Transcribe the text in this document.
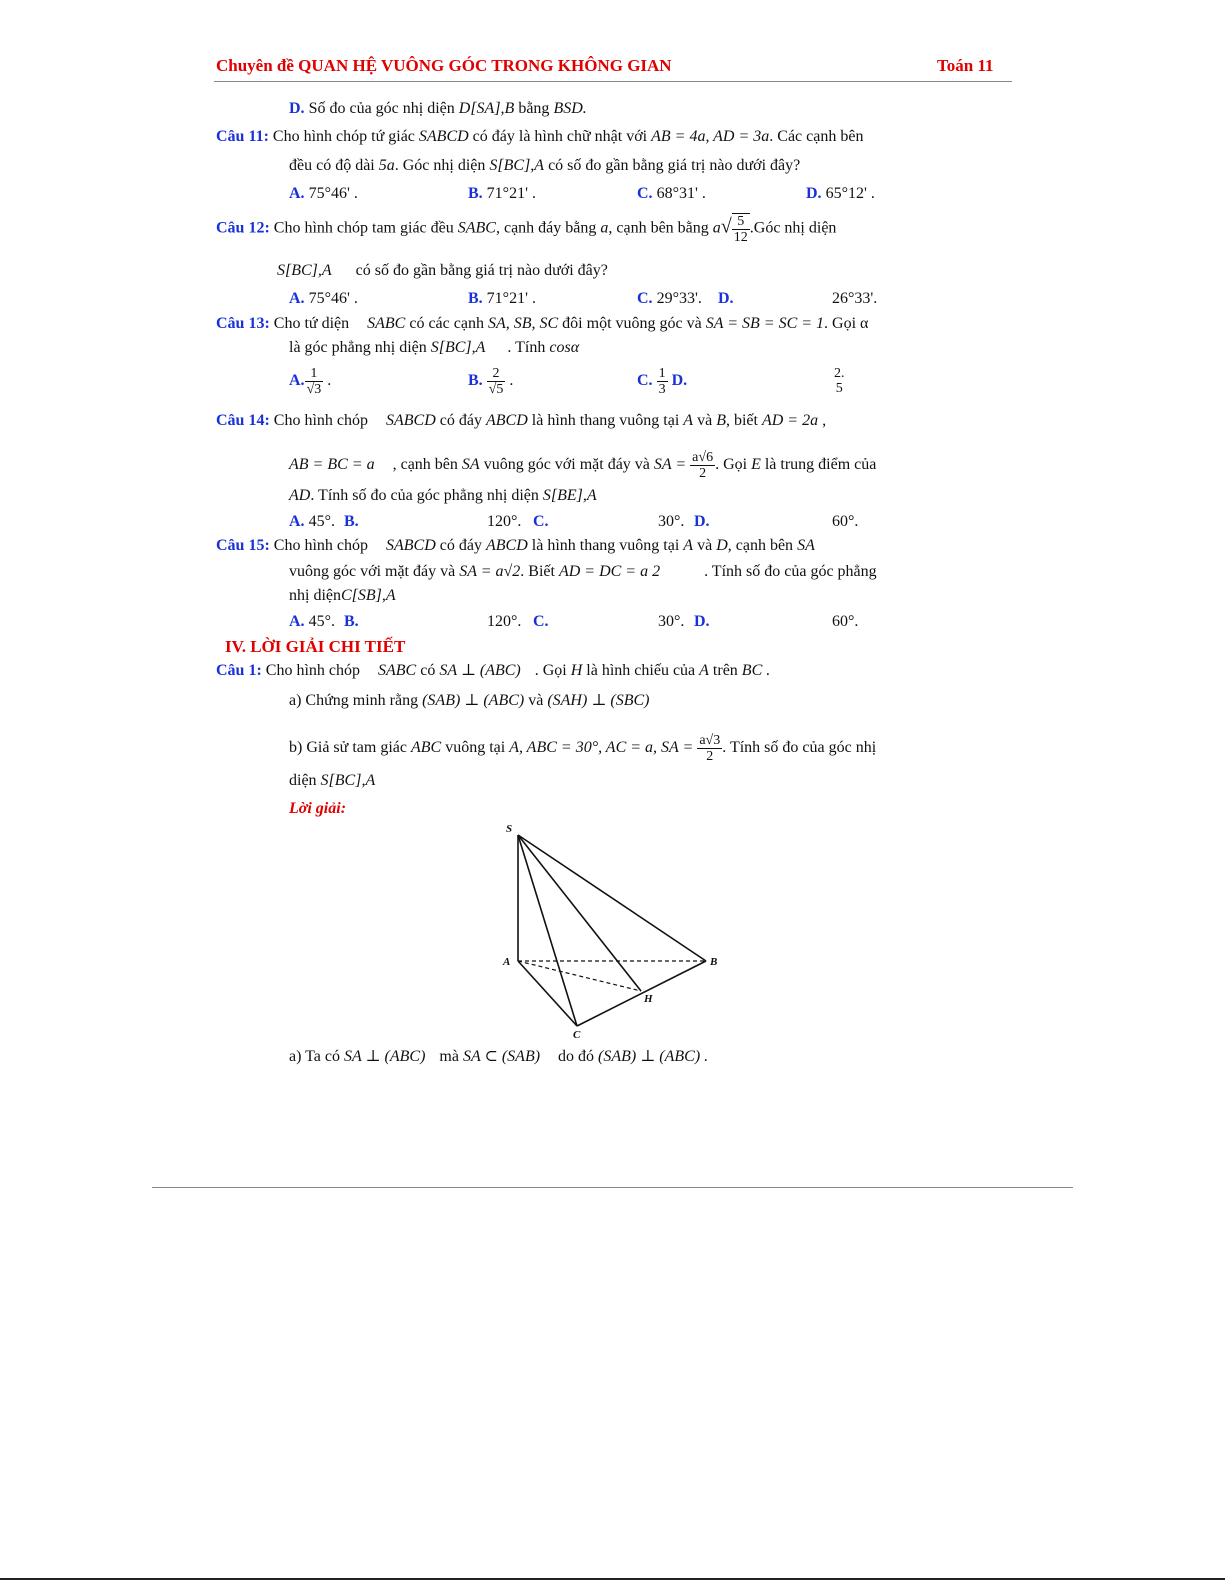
Chuyên đề QUAN HỆ VUÔNG GÓC TRONG KHÔNG GIAN	Toán 11
D. Số đo của góc nhị diện D[SA],B bằng BSD.
Câu 11: Cho hình chóp tứ giác SABCD có đáy là hình chữ nhật với AB = 4a, AD = 3a. Các cạnh bên
đều có độ dài 5a. Góc nhị diện S[BC],A có số đo gần bằng giá trị nào dưới đây?
A. 75°46' .	B. 71°21' .	C. 68°31' .	D. 65°12' .
Câu 12: Cho hình chóp tam giác đều SABC, cạnh đáy bằng a, cạnh bên bằng $a√ \frac{5}{12}$ .Góc nhị diện
S[BC],A có số đo gần bằng giá trị nào dưới đây?
A. 75°46' .	B. 71°21' .	C. 29°33'. D.	26°33'.
Câu 13: Cho tứ diện SABC có các cạnh SA, SB, SC đôi một vuông góc và SA = SB = SC = 1. Gọi α
là góc phẳng nhị diện S[BC],A . Tính cosα
A. $\frac{1}{√3}$ .	B. $\frac{2}{√5}$ .	C. $\frac{1}{3} D$.	2.
5
Câu 14: Cho hình chóp SABCD có đáy ABCD là hình thang vuông tại A và B, biết AD = 2a ,
AB = BC = a , cạnh bên SA vuông góc với mặt đáy và SA = $\frac{a√6}{2}$ . Gọi E là trung điểm của
AD. Tính số đo của góc phẳng nhị diện S[BE],A
A. 45°. B.	120°. C.	30°. D.	60°.
Câu 15: Cho hình chóp SABCD có đáy ABCD là hình thang vuông tại A và D, cạnh bên SA
vuông góc với mặt đáy và SA = a√2. Biết AD = DC = a 2	. Tính số đo của góc phẳng
nhị diệnC[SB],A
A. 45°. B.	120°. C.	30°. D.	60°.
IV. LỜI GIẢI CHI TIẾT
Câu 1: Cho hình chóp SABC có SA ⊥ (ABC) . Gọi H là hình chiếu của A trên BC .
a) Chứng minh rằng (SAB) ⊥ (ABC) và (SAH) ⊥ (SBC)
b) Giả sử tam giác ABC vuông tại A, ABC = 30°, AC = a, SA = $\frac{a√3}{2}$ . Tính số đo của góc nhị
diện S[BC],A
Lời giải:
S
A	B
C
H
a) Ta có SA ⊥ (ABC) mà SA ⊂ (SAB) do đó (SAB) ⊥ (ABC) .
